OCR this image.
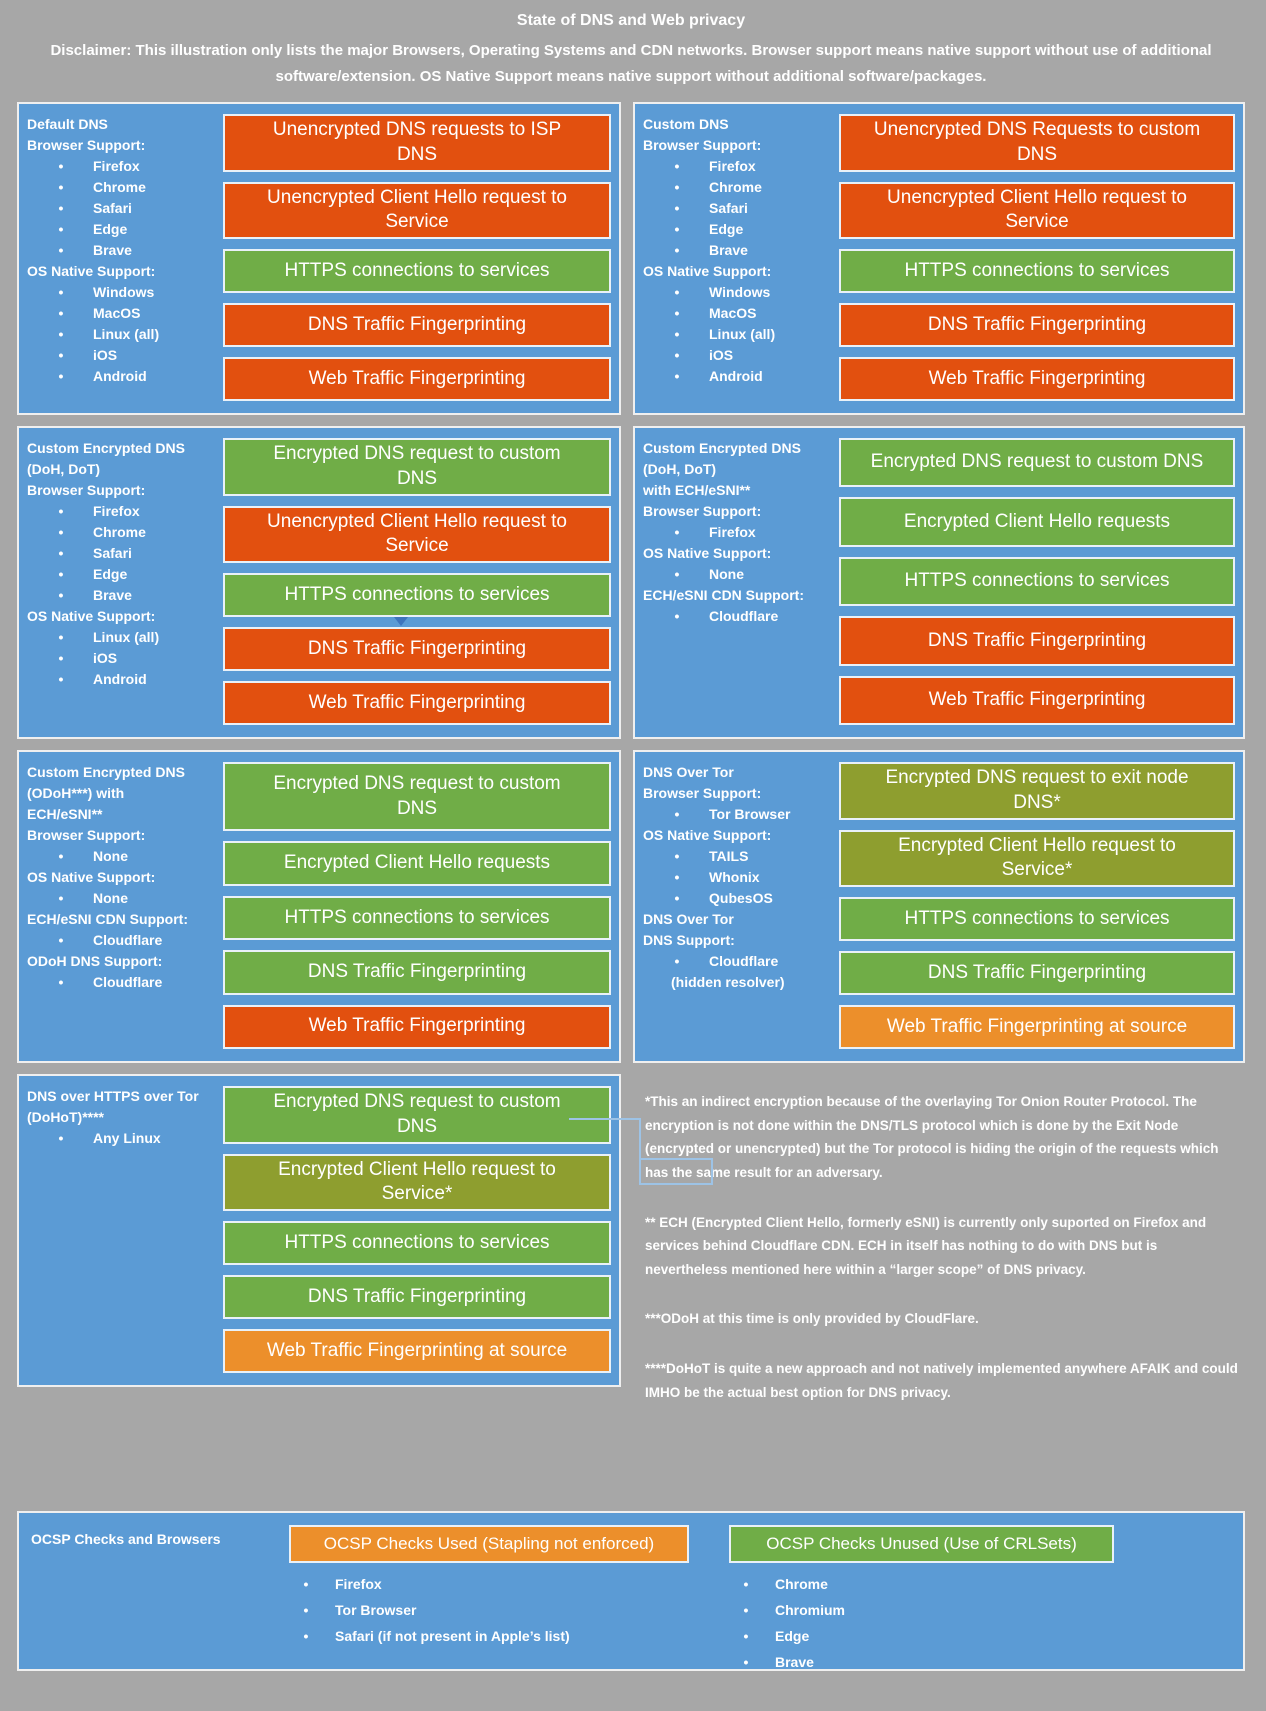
State of DNS and Web privacy
Disclaimer: This illustration only lists the major Browsers, Operating Systems and CDN networks. Browser support means native support without use of additional software/extension. OS Native Support means native support without additional software/packages.
Default DNS
Browser Support:
•	Firefox
•	Chrome
•	Safari
•	Edge
•	Brave
OS Native Support:
•	Windows
•	MacOS
•	Linux (all)
•	iOS
•	Android
Unencrypted DNS requests to ISP DNS
Unencrypted Client Hello request to Service
HTTPS connections to services
DNS Traffic Fingerprinting
Web Traffic Fingerprinting
Custom DNS
Browser Support:
•	Firefox
•	Chrome
•	Safari
•	Edge
•	Brave
OS Native Support:
•	Windows
•	MacOS
•	Linux (all)
•	iOS
•	Android
Unencrypted DNS Requests to custom DNS
Unencrypted Client Hello request to Service
HTTPS connections to services
DNS Traffic Fingerprinting
Web Traffic Fingerprinting
Custom Encrypted DNS
(DoH, DoT)
Browser Support:
•	Firefox
•	Chrome
•	Safari
•	Edge
•	Brave
OS Native Support:
•	Linux (all)
•	iOS
•	Android
Encrypted DNS request to custom DNS
Unencrypted Client Hello request to Service
HTTPS connections to services
DNS Traffic Fingerprinting
Web Traffic Fingerprinting
Custom Encrypted DNS
(DoH, DoT)
with ECH/eSNI**
Browser Support:
•	Firefox
OS Native Support:
•	None
ECH/eSNI CDN Support:
•	Cloudflare
Encrypted DNS request to custom DNS
Encrypted Client Hello requests
HTTPS connections to services
DNS Traffic Fingerprinting
Web Traffic Fingerprinting
Custom Encrypted DNS
(ODoH***) with
ECH/eSNI**
Browser Support:
•	None
OS Native Support:
•	None
ECH/eSNI CDN Support:
•	Cloudflare
ODoH DNS Support:
•	Cloudflare
Encrypted DNS request to custom DNS
Encrypted Client Hello requests
HTTPS connections to services
DNS Traffic Fingerprinting
Web Traffic Fingerprinting
DNS Over Tor
Browser Support:
•	Tor Browser
OS Native Support:
•	TAILS
•	Whonix
•	QubesOS
DNS Over Tor
DNS Support:
•	Cloudflare
(hidden resolver)
Encrypted DNS request to exit node DNS*
Encrypted Client Hello request to Service*
HTTPS connections to services
DNS Traffic Fingerprinting
Web Traffic Fingerprinting at source
DNS over HTTPS over Tor
(DoHoT)****
•	Any Linux
Encrypted DNS request to custom DNS
Encrypted Client Hello request to Service*
HTTPS connections to services
DNS Traffic Fingerprinting
Web Traffic Fingerprinting at source

*This an indirect encryption because of the overlaying Tor Onion Router Protocol. The encryption is not done within the DNS/TLS protocol which is done by the Exit Node (encrypted or unencrypted) but the Tor protocol is hiding the origin of the requests which has the same result for an adversary.

** ECH (Encrypted Client Hello, formerly eSNI) is currently only suported on Firefox and services behind Cloudflare CDN. ECH in itself has nothing to do with DNS but is nevertheless mentioned here within a “larger scope” of DNS privacy.

***ODoH at this time is only provided by CloudFlare.

****DoHoT is quite a new approach and not natively implemented anywhere AFAIK and could IMHO be the actual best option for DNS privacy.

OCSP Checks and Browsers	OCSP Checks Used (Stapling not enforced)
•	Firefox
•	Tor Browser
•	Safari (if not present in Apple’s list)
OCSP Checks Unused (Use of CRLSets)
•	Chrome
•	Chromium
•	Edge
•	Brave
